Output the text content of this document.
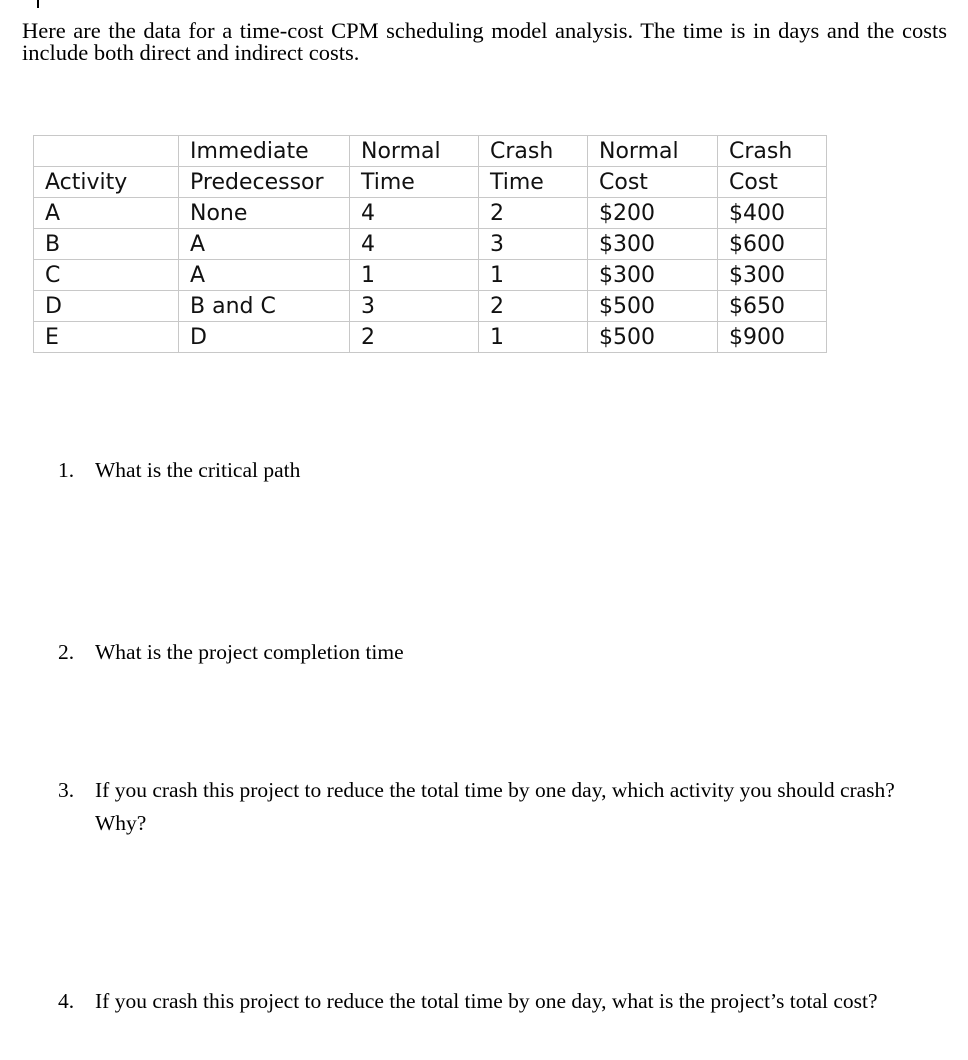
Here are the data for a time-cost CPM scheduling model analysis. The time is in days and the costs include both direct and indirect costs.

	Immediate	Normal	Crash	Normal	Crash
Activity	Predecessor	Time	Time	Cost	Cost
A	None	4	2	$200	$400
B	A	4	3	$300	$600
C	A	1	1	$300	$300
D	B and C	3	2	$500	$650
E	D	2	1	$500	$900
1. What is the critical path
2. What is the project completion time
3. If you crash this project to reduce the total time by one day, which activity you should crash? Why?
4. If you crash this project to reduce the total time by one day, what is the project’s total cost?
